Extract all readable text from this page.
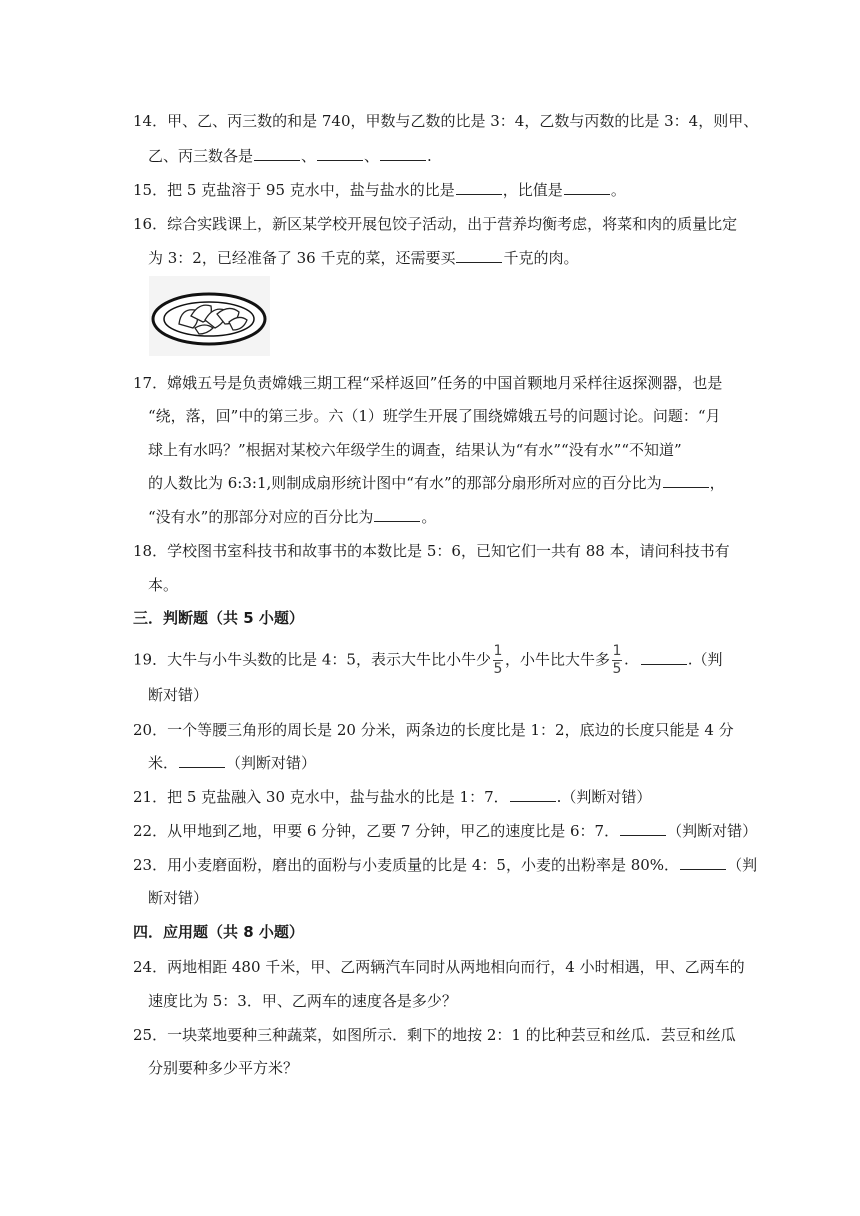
14．甲、乙、丙三数的和是 740，甲数与乙数的比是 3：4，乙数与丙数的比是 3：4，则甲、
乙、丙三数各是	、	、	.
15．把 5 克盐溶于 95 克水中，盐与盐水的比是	，比值是	。
16．综合实践课上，新区某学校开展包饺子活动，出于营养均衡考虑，将菜和肉的质量比定
为 3：2，已经准备了 36 千克的菜，还需要买	千克的肉。
17．嫦娥五号是负责嫦娥三期工程“采样返回”任务的中国首颗地月采样往返探测器，也是
“绕，落，回”中的第三步。六（1）班学生开展了围绕嫦娥五号的问题讨论。问题：“月
球上有水吗？”根据对某校六年级学生的调查，结果认为“有水”“没有水”“不知道”
的人数比为 6:3:1,则制成扇形统计图中“有水”的那部分扇形所对应的百分比为	，
“没有水”的那部分对应的百分比为	。
18．学校图书室科技书和故事书的本数比是 5：6，已知它们一共有 88 本，请问科技书有
本。
三．判断题（共 5 小题）
19．大牛与小牛头数的比是 4：5，表示大牛比小牛少 $\frac{1}{5}$ ，小牛比大牛多 $\frac{1}{5}$ .	.（判
断对错）
20．一个等腰三角形的周长是 20 分米，两条边的长度比是 1：2，底边的长度只能是 4 分
米．	（判断对错）
21．把 5 克盐融入 30 克水中，盐与盐水的比是 1：7．	.（判断对错）
22．从甲地到乙地，甲要 6 分钟，乙要 7 分钟，甲乙的速度比是 6：7．	（判断对错）
23．用小麦磨面粉，磨出的面粉与小麦质量的比是 4：5，小麦的出粉率是 80%．	（判
断对错）
四．应用题（共 8 小题）
24．两地相距 480 千米，甲、乙两辆汽车同时从两地相向而行，4 小时相遇，甲、乙两车的
速度比为 5：3．甲、乙两车的速度各是多少？
25．一块菜地要种三种蔬菜，如图所示．剩下的地按 2：1 的比种芸豆和丝瓜．芸豆和丝瓜
分别要种多少平方米？
